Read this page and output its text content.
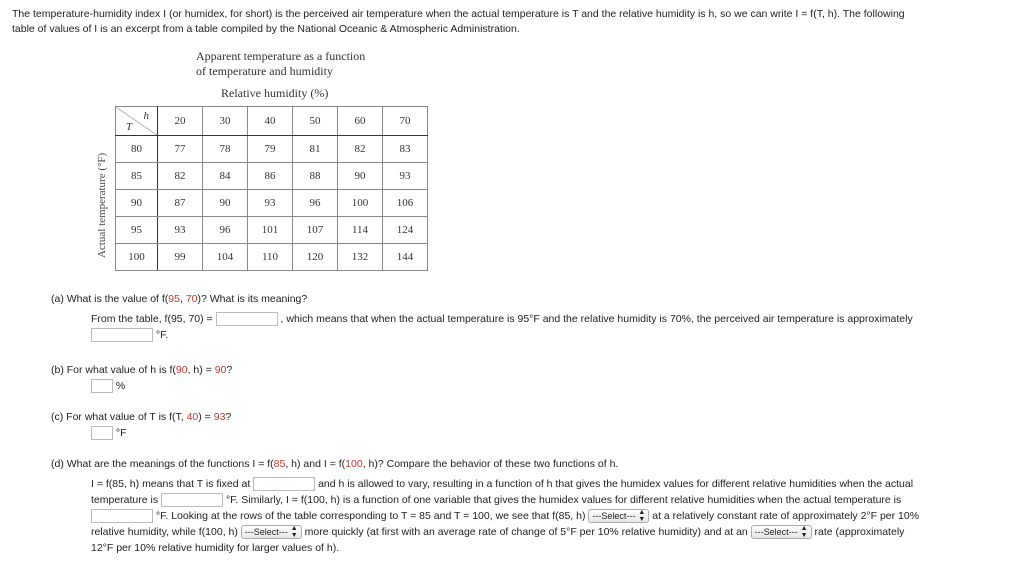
The temperature-humidity index I (or humidex, for short) is the perceived air temperature when the actual temperature is T and the relative humidity is h, so we can write I = f(T, h). The following
table of values of I is an excerpt from a table compiled by the National Oceanic & Atmospheric Administration.
Apparent temperature as a function
of temperature and humidity
Relative humidity (%)
Actual temperature (°F)
h
T	20	30	40	50	60	70
80	77	78	79	81	82	83
85	82	84	86	88	90	93
90	87	90	93	96	100	106
95	93	96	101	107	114	124
100	99	104	110	120	132	144
(a) What is the value of f(95, 70)? What is its meaning?
From the table, f(95, 70) =	, which means that when the actual temperature is 95°F and the relative humidity is 70%, the perceived air temperature is approximately
°F.
(b) For what value of h is f(90, h) = 90?
%
(c) For what value of T is f(T, 40) = 93?
°F
(d) What are the meanings of the functions I = f(85, h) and I = f(100, h)? Compare the behavior of these two functions of h.
I = f(85, h) means that T is fixed at	and h is allowed to vary, resulting in a function of h that gives the humidex values for different relative humidities when the actual
temperature is	°F. Similarly, I = f(100, h) is a function of one variable that gives the humidex values for different relative humidities when the actual temperature is
°F. Looking at the rows of the table corresponding to T = 85 and T = 100, we see that f(85, h) ---Select--- ▲
▼ at a relatively constant rate of approximately 2°F per 10%
relative humidity, while f(100, h) ---Select--- ▲
▼ more quickly (at first with an average rate of change of 5°F per 10% relative humidity) and at an ---Select--- ▲
▼ rate (approximately
12°F per 10% relative humidity for larger values of h).
